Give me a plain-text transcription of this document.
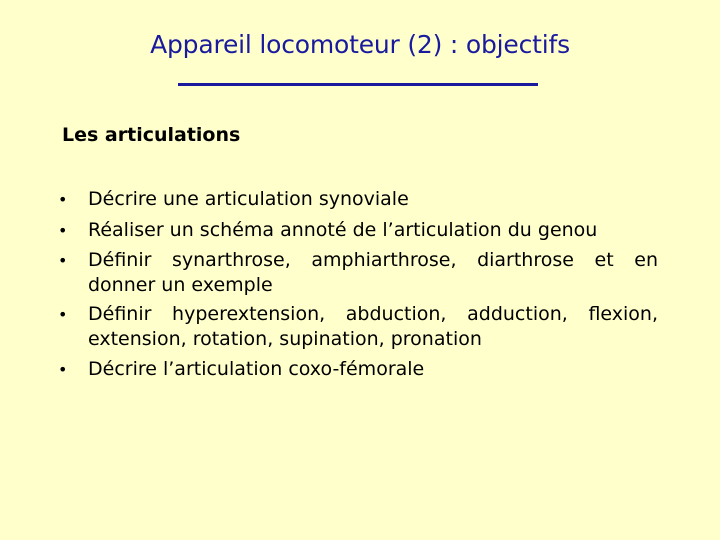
Appareil locomoteur (2) : objectifs
Les articulations
• Décrire une articulation synoviale
• Réaliser un schéma annoté de l’articulation du genou
• Définir synarthrose, amphiarthrose, diarthrose et en donner un exemple
• Définir hyperextension, abduction, adduction, flexion, extension, rotation, supination, pronation
• Décrire l’articulation coxo-fémorale
